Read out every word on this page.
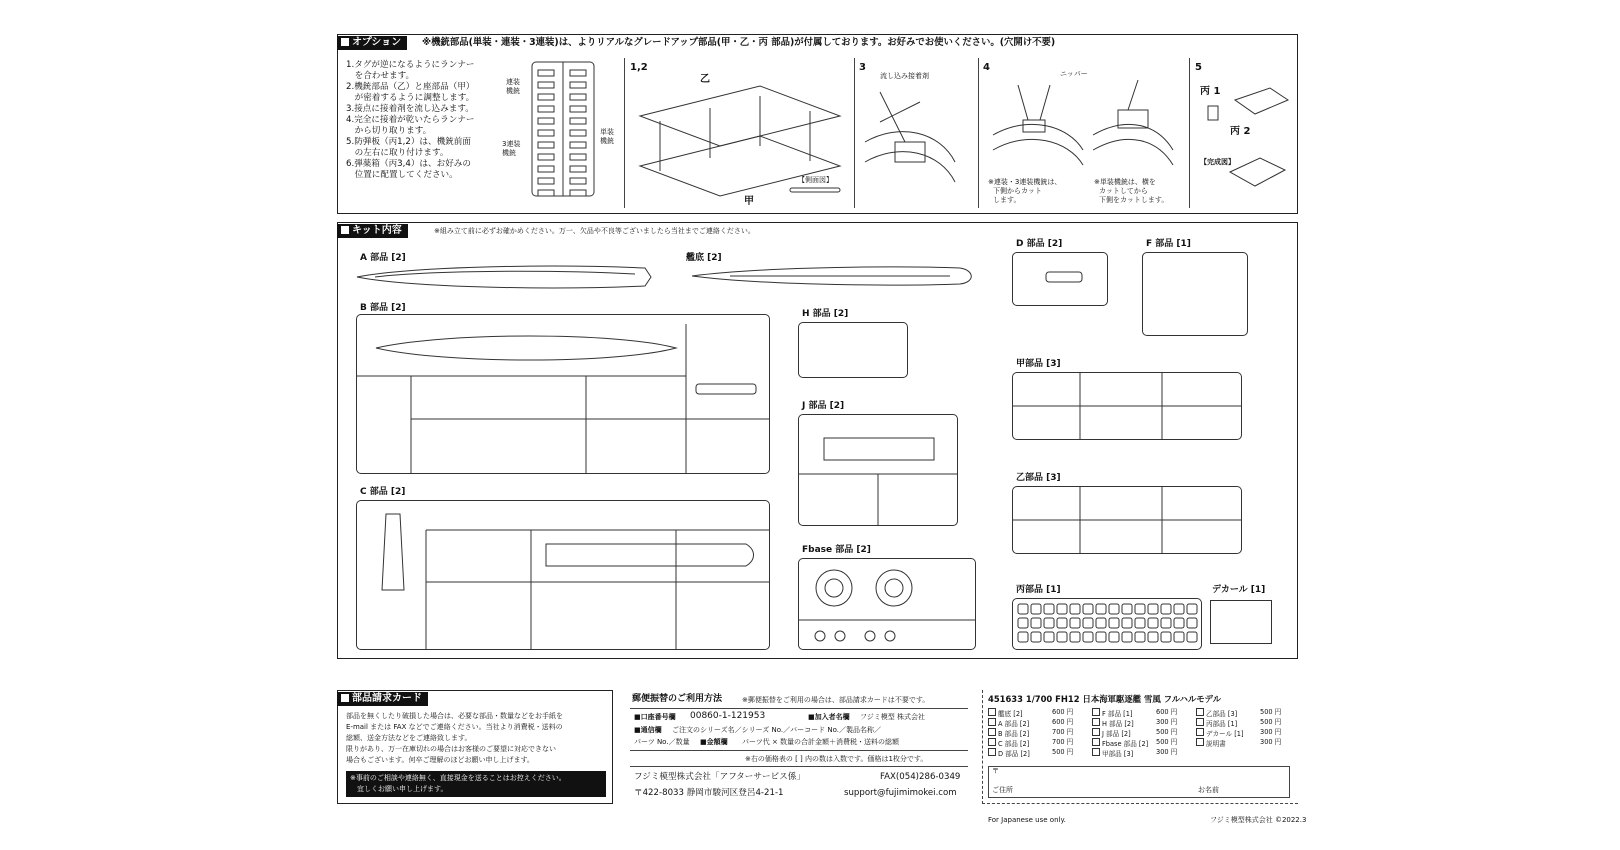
オプション	※機銃部品(単装・連装・3連装)は、よりリアルなグレードアップ部品(甲・乙・丙 部品)が付属しております。お好みでお使いください。(穴開け不要)
1.タグが逆になるようにランナー
　を合わせます。
2.機銃部品（乙）と座部品（甲）
　が密着するように調整します。
3.接点に接着剤を流し込みます。
4.完全に接着が乾いたらランナー
　から切り取ります。
5.防弾板（丙1,2）は、機銃前面
　の左右に取り付けます。
6.弾薬箱（丙3,4）は、お好みの
　位置に配置してください。
連装
機銃
3連装
機銃
単装
機銃
1,2
乙
甲
【側面図】
3
流し込み接着剤
4
ニッパー
※連装・3連装機銃は、
下側からカット
します。
※単装機銃は、横を
カットしてから
下側をカットします。
5
丙 1
丙 2
【完成図】
キット内容	※組み立て前に必ずお確かめください。万一、欠品や不良等ございましたら当社までご連絡ください。
A 部品 [2]	艦底 [2]
B 部品 [2]
C 部品 [2]
H 部品 [2]
J 部品 [2]
Fbase 部品 [2]
D 部品 [2]	F 部品 [1]
甲部品 [3]
乙部品 [3]
丙部品 [1]	デカール [1]
部品請求カード
部品を無くしたり破損した場合は、必要な部品・数量などをお手紙を
E-mail または FAX などでご連絡ください。当社より消費税・送料の
総額、送金方法などをご連絡致します。
限りがあり、万一在庫切れの場合はお客様のご要望に対応できない
場合もございます。何卒ご理解のほどお願い申し上げます。
※事前のご相談や連絡無く、直接現金を送ることはお控えください。
　宜しくお願い申し上げます。
郵便振替のご利用方法	※郵便振替をご利用の場合は、部品請求カードは不要です。
■口座番号欄 00860-1-121953	■加入者名欄 フジミ模型 株式会社
■通信欄 ご注文のシリーズ名／シリーズ No.／バーコード No.／製品名称／
パーツ No.／数量 ■金額欄 パーツ代 × 数量の合計金額＋消費税・送料の総額
※右の価格表の [ ] 内の数は入数です。価格は1枚分です。
フジミ模型株式会社「アフターサービス係」	FAX(054)286-0349
〒422-8033 静岡市駿河区登呂4-21-1	support@fujimimokei.com
451633 1/700 FH12 日本海軍駆逐艦 雪風 フルハルモデル
艦底 [2]	600 円
A 部品 [2]	600 円
B 部品 [2]	700 円
C 部品 [2]	700 円
D 部品 [2]	500 円
F 部品 [1]	600 円
H 部品 [2]	300 円
J 部品 [2]	500 円
Fbase 部品 [2] 500 円
甲部品 [3]	300 円
乙部品 [3]	500 円
丙部品 [1]	500 円
デカール [1] 300 円
説明書	300 円
〒
ご住所	お名前
For Japanese use only.	フジミ模型株式会社 ©2022.3
